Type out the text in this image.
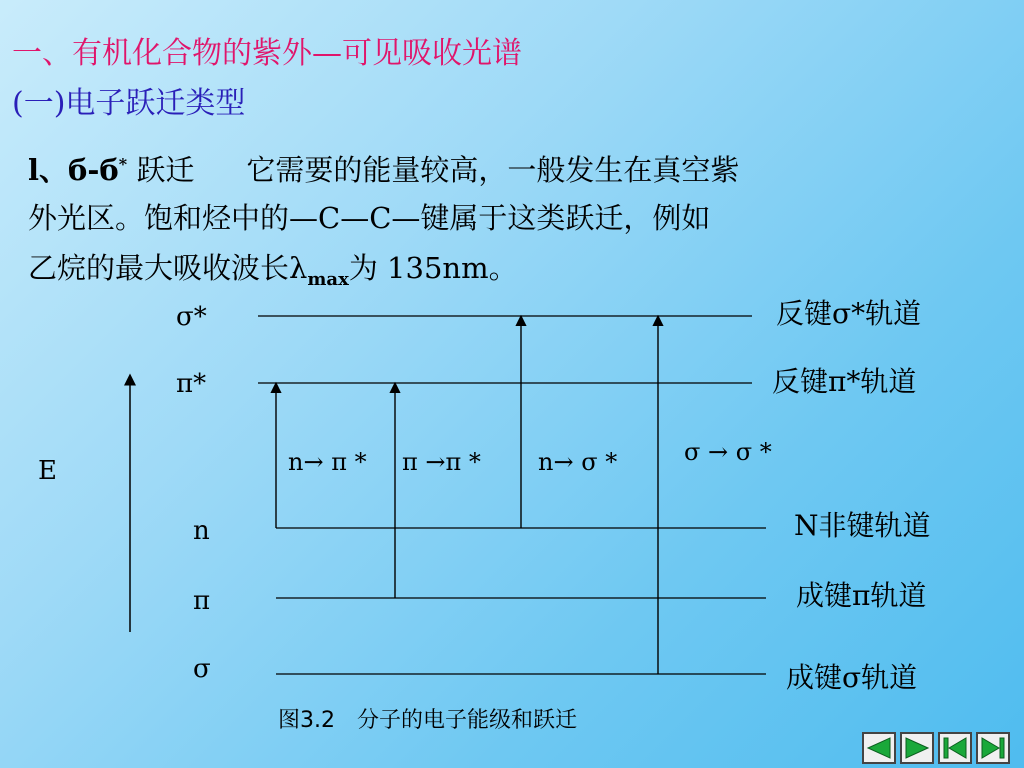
一、有机化合物的紫外—可见吸收光谱
(一)电子跃迁类型
l、б-б* 跃迁 它需要的能量较高，一般发生在真空紫
外光区。饱和烃中的—C—C—键属于这类跃迁，例如
乙烷的最大吸收波长$\lambda_{max}$为 135nm。
E
σ*
π*
n
π
σ
n→ π * π →π * n→ σ *	σ → σ *
反键σ*轨道
反键π*轨道
N非键轨道
成键π轨道
成键σ轨道
图3.2　分子的电子能级和跃迁
